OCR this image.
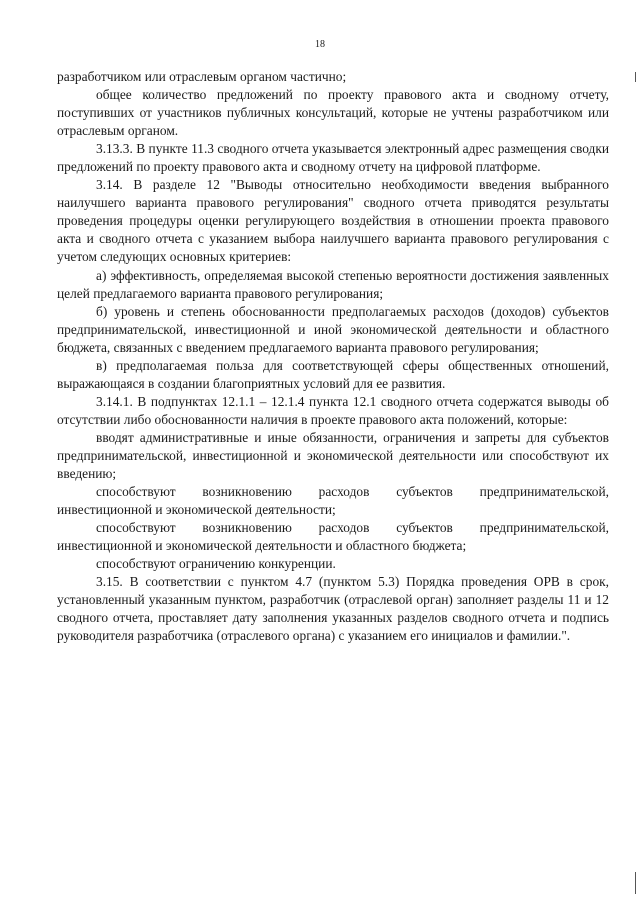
18

разработчиком или отраслевым органом частично;

общее количество предложений по проекту правового акта и сводному отчету, поступивших от участников публичных консультаций, которые не учтены разработчиком или отраслевым органом.

3.13.3. В пункте 11.3 сводного отчета указывается электронный адрес размещения сводки предложений по проекту правового акта и сводному отчету на цифровой платформе.

3.14. В разделе 12 "Выводы относительно необходимости введения выбранного наилучшего варианта правового регулирования" сводного отчета приводятся результаты проведения процедуры оценки регулирующего воздействия в отношении проекта правового акта и сводного отчета с указанием выбора наилучшего варианта правового регулирования с учетом следующих основных критериев:

а) эффективность, определяемая высокой степенью вероятности достижения заявленных целей предлагаемого варианта правового регулирования;

б) уровень и степень обоснованности предполагаемых расходов (доходов) субъектов предпринимательской, инвестиционной и иной экономической деятельности и областного бюджета, связанных с введением предлагаемого варианта правового регулирования;

в) предполагаемая польза для соответствующей сферы общественных отношений, выражающаяся в создании благоприятных условий для ее развития.

3.14.1. В подпунктах 12.1.1 – 12.1.4 пункта 12.1 сводного отчета содержатся выводы об отсутствии либо обоснованности наличия в проекте правового акта положений, которые:

вводят административные и иные обязанности, ограничения и запреты для субъектов предпринимательской, инвестиционной и экономической деятельности или способствуют их введению;

способствуют возникновению расходов субъектов предпринимательской, инвестиционной и экономической деятельности;

способствуют возникновению расходов субъектов предпринимательской, инвестиционной и экономической деятельности и областного бюджета;

способствуют ограничению конкуренции.

3.15. В соответствии с пунктом 4.7 (пунктом 5.3) Порядка проведения ОРВ в срок, установленный указанным пунктом, разработчик (отраслевой орган) заполняет разделы 11 и 12 сводного отчета, проставляет дату заполнения указанных разделов сводного отчета и подпись руководителя разработчика (отраслевого органа) с указанием его инициалов и фамилии.".
